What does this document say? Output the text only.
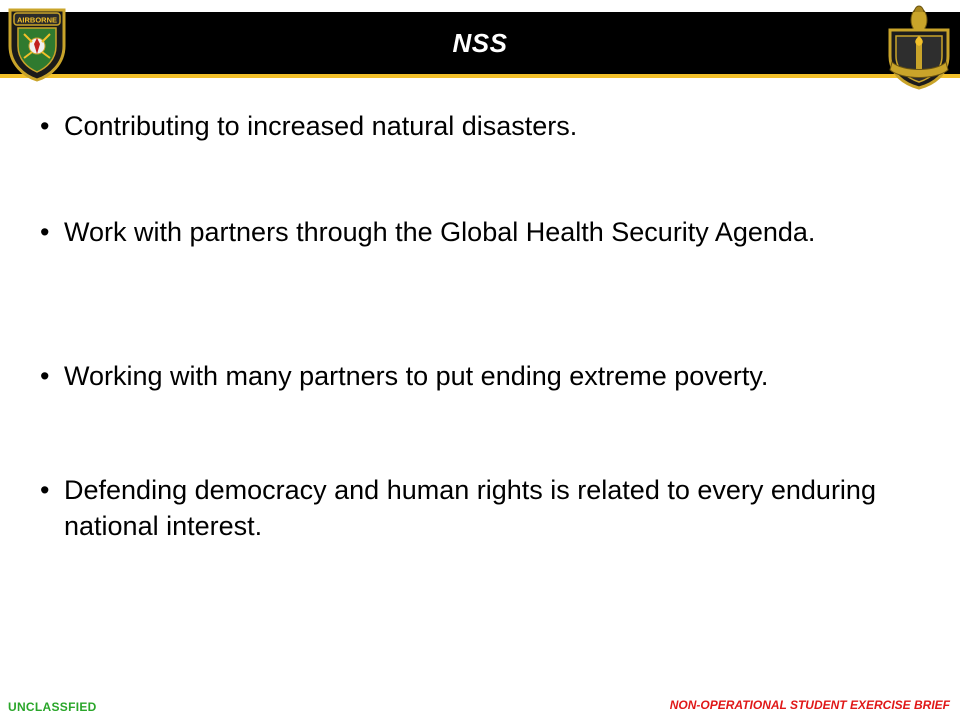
NSS
AIRBORNE
• Contributing to increased natural disasters.
• Work with partners through the Global Health Security Agenda.
• Working with many partners to put ending extreme poverty.
• Defending democracy and human rights is related to every enduring national interest.
UNCLASSFIED	NON-OPERATIONAL STUDENT EXERCISE BRIEF
